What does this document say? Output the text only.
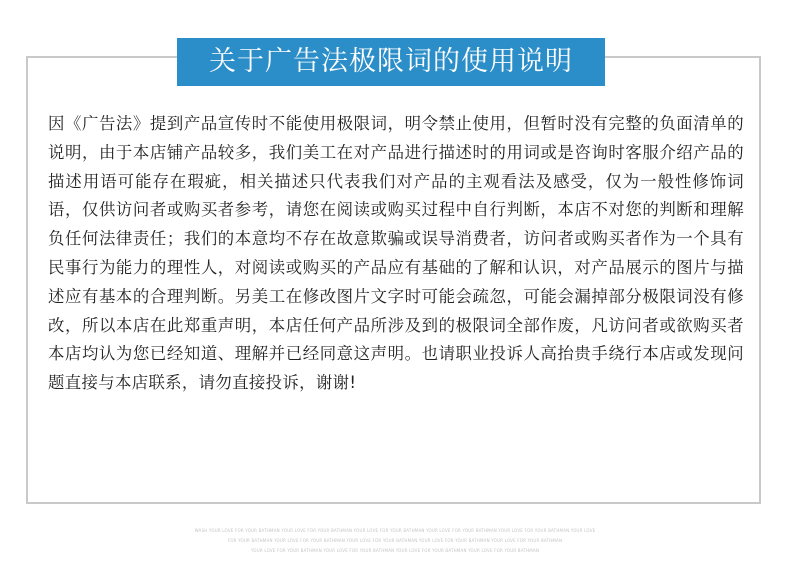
关于广告法极限词的使用说明

因《广告法》提到产品宣传时不能使用极限词，明令禁止使用，但暂时没有完整的负面清单的说明，由于本店铺产品较多，我们美工在对产品进行描述时的用词或是咨询时客服介绍产品的描述用语可能存在瑕疵，相关描述只代表我们对产品的主观看法及感受，仅为一般性修饰词语，仅供访问者或购买者参考，请您在阅读或购买过程中自行判断，本店不对您的判断和理解负任何法律责任；我们的本意均不存在故意欺骗或误导消费者，访问者或购买者作为一个具有民事行为能力的理性人，对阅读或购买的产品应有基础的了解和认识，对产品展示的图片与描述应有基本的合理判断。另美工在修改图片文字时可能会疏忽，可能会漏掉部分极限词没有修改，所以本店在此郑重声明，本店任何产品所涉及到的极限词全部作废，凡访问者或欲购买者本店均认为您已经知道、理解并已经同意这声明。也请职业投诉人高抬贵手绕行本店或发现问题直接与本店联系，请勿直接投诉，谢谢!

WASH YOUR LOVE FOR YOUR BATHMAN YOUR LOVE FOR YOUR BATHMAN YOUR LOVE FOR YOUR BATHMAN YOUR LOVE FOR YOUR BATHMAN YOUR LOVE FOR YOUR BATHMAN YOUR LOVE
FOR YOUR BATHMAN YOUR LOVE FOR YOUR BATHMAN YOUR LOVE FOR YOUR BATHMAN YOUR LOVE FOR YOUR BATHMAN YOUR LOVE FOR YOUR BATHMAN
YOUR LOVE FOR YOUR BATHMAN YOUR LOVE FOR YOUR BATHMAN YOUR LOVE FOR YOUR BATHMAN YOUR LOVE FOR YOUR BATHMAN
